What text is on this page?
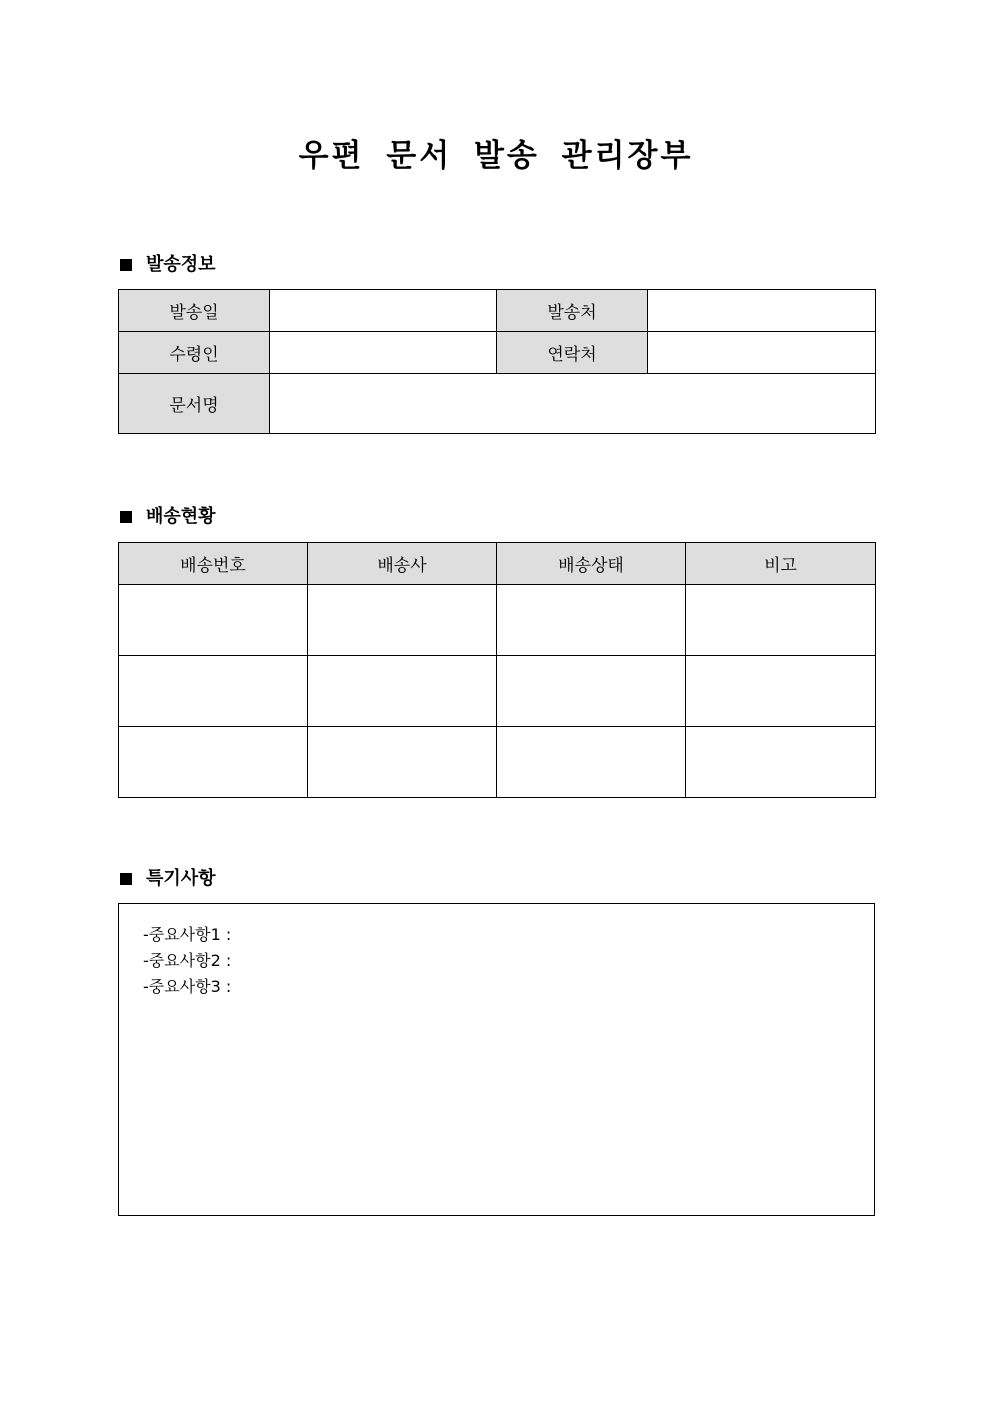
우편 문서 발송 관리장부
발송정보
발송일		발송처	
수령인		연락처	
문서명			
배송현황
배송번호	배송사	배송상태	비고

특기사항
-중요사항1 :
-중요사항2 :
-중요사항3 :
